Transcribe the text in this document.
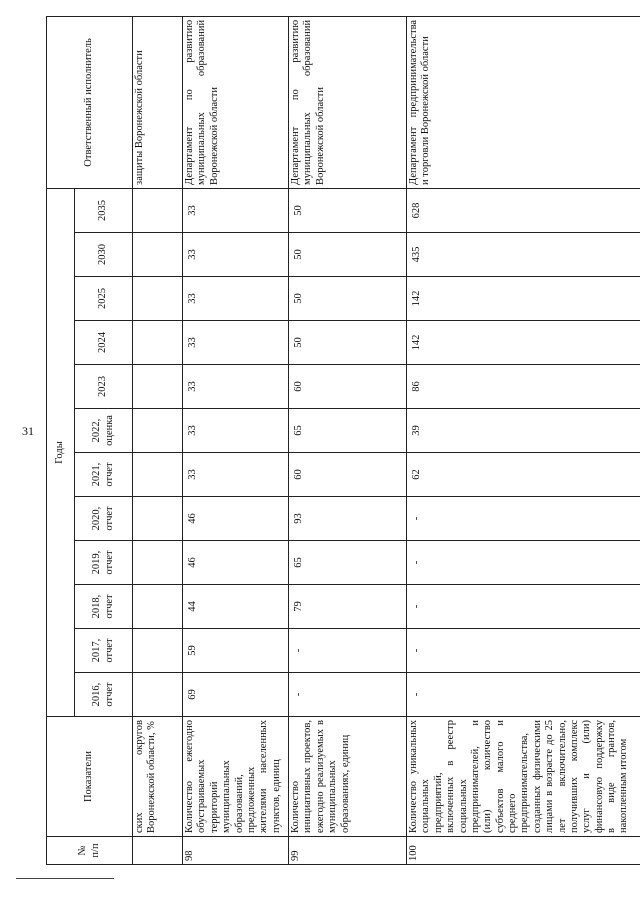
31
№ п/п	Показатели	Годы												Ответственный исполнитель
		2016, отчет	2017, отчет	2018, отчет	2019, отчет	2020, отчет	2021, отчет	2022, оценка	2023	2024	2025	2030	2035	
	ских округов Воронежской области, %													защиты Воронежской области
98	Количество ежегодно обустраиваемых территорий муниципальных образований, предложенных жителями населенных пунктов, единиц	69	59	44	46	46	33	33	33	33	33	33	33	Департамент по развитию муниципальных образований Воронежской области
99	Количество инициативных проектов, ежегодно реализуемых в муниципальных образованиях, единиц	-	-	79	65	93	60	65	60	50	50	50	50	Департамент по развитию муниципальных образований Воронежской области
100	Количество уникальных социальных предприятий, включенных в реестр социальных предпринимателей, и (или) количество субъектов малого и среднего предпринимательства, созданных физическими лицами в возрасте до 25 лет включительно, получивших комплекс услуг и (или) финансовую поддержку в виде грантов, накопленным итогом	-	-	-	-	-	62	39	86	142	142	435	628	Департамент предпринимательства и торговли Воронежской области
